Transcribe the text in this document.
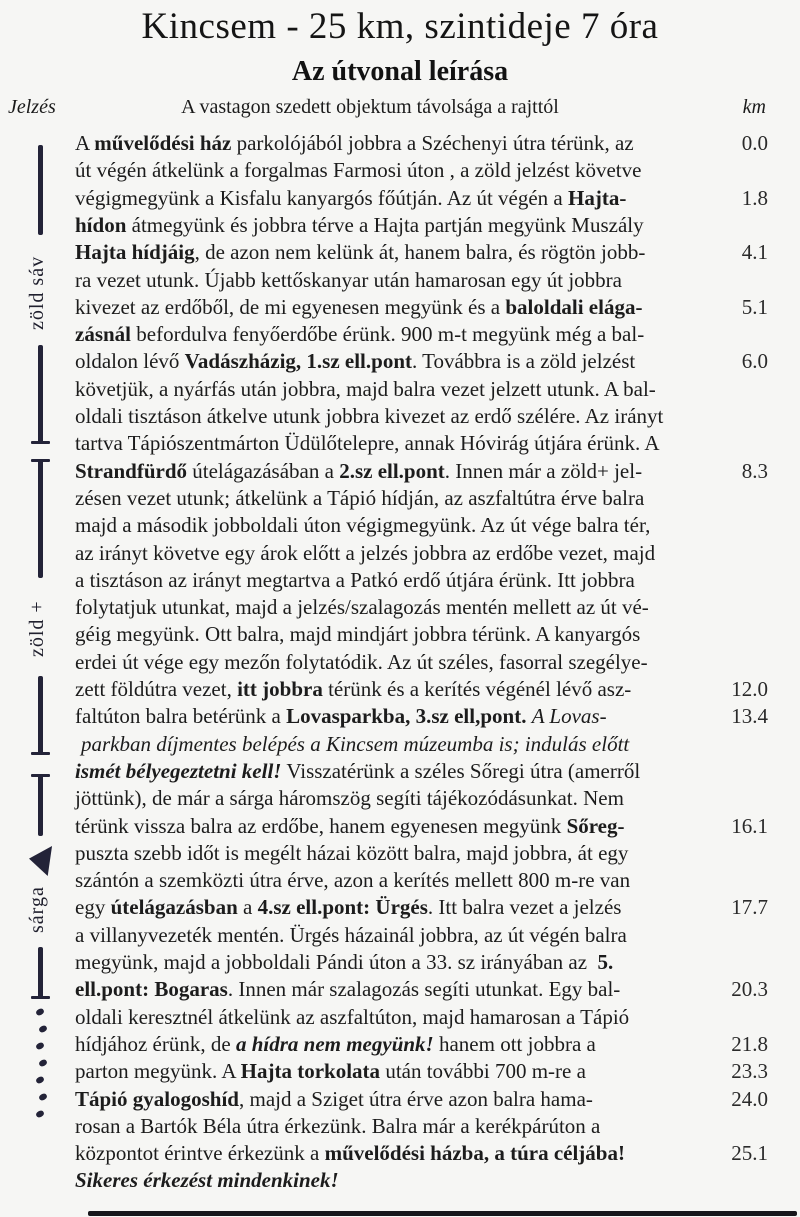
Kincsem - 25 km, szintideje 7 óra
Az útvonal leírása
Jelzés	A vastagon szedett objektum távolsága a rajttól	km
zöld sáv
zöld +
sárga
A művelődési ház parkolójából jobbra a Széchenyi útra térünk, az	0.0
út végén átkelünk a forgalmas Farmosi úton , a zöld jelzést követve
végigmegyünk a Kisfalu kanyargós főútján. Az út végén a Hajta-	1.8
hídon átmegyünk és jobbra térve a Hajta partján megyünk Muszály
Hajta hídjáig, de azon nem kelünk át, hanem balra, és rögtön jobb-	4.1
ra vezet utunk. Újabb kettőskanyar után hamarosan egy út jobbra
kivezet az erdőből, de mi egyenesen megyünk és a baloldali elága-	5.1
zásnál befordulva fenyőerdőbe érünk. 900 m-t megyünk még a bal-
oldalon lévő Vadászházig, 1.sz ell.pont. Továbbra is a zöld jelzést	6.0
követjük, a nyárfás után jobbra, majd balra vezet jelzett utunk. A bal-
oldali tisztáson átkelve utunk jobbra kivezet az erdő szélére. Az irányt
tartva Tápiószentmárton Üdülőtelepre, annak Hóvirág útjára érünk. A
Strandfürdő útelágazásában a 2.sz ell.pont. Innen már a zöld+ jel-	8.3
zésen vezet utunk; átkelünk a Tápió hídján, az aszfaltútra érve balra
majd a második jobboldali úton végigmegyünk. Az út vége balra tér,
az irányt követve egy árok előtt a jelzés jobbra az erdőbe vezet, majd
a tisztáson az irányt megtartva a Patkó erdő útjára érünk. Itt jobbra
folytatjuk utunkat, majd a jelzés/szalagozás mentén mellett az út vé-
géig megyünk. Ott balra, majd mindjárt jobbra térünk. A kanyargós
erdei út vége egy mezőn folytatódik. Az út széles, fasorral szegélye-
zett földútra vezet, itt jobbra térünk és a kerítés végénél lévő asz-	12.0
faltúton balra betérünk a Lovasparkba, 3.sz ell,pont. A Lovas-	13.4
parkban díjmentes belépés a Kincsem múzeumba is; indulás előtt
ismét bélyegeztetni kell! Visszatérünk a széles Sőregi útra (amerről
jöttünk), de már a sárga háromszög segíti tájékozódásunkat. Nem
térünk vissza balra az erdőbe, hanem egyenesen megyünk Sőreg-	16.1
puszta szebb időt is megélt házai között balra, majd jobbra, át egy
szántón a szemközti útra érve, azon a kerítés mellett 800 m-re van
egy útelágazásban a 4.sz ell.pont: Ürgés. Itt balra vezet a jelzés	17.7
a villanyvezeték mentén. Ürgés házainál jobbra, az út végén balra
megyünk, majd a jobboldali Pándi úton a 33. sz irányában az  5.
ell.pont: Bogaras. Innen már szalagozás segíti utunkat. Egy bal-	20.3
oldali keresztnél átkelünk az aszfaltúton, majd hamarosan a Tápió
hídjához érünk, de a hídra nem megyünk! hanem ott jobbra a	21.8
parton megyünk. A Hajta torkolata után további 700 m-re a	23.3
Tápió gyalogoshíd, majd a Sziget útra érve azon balra hama-	24.0
rosan a Bartók Béla útra érkezünk. Balra már a kerékpárúton a
központot érintve érkezünk a művelődési házba, a túra céljába!	25.1
Sikeres érkezést mindenkinek!
